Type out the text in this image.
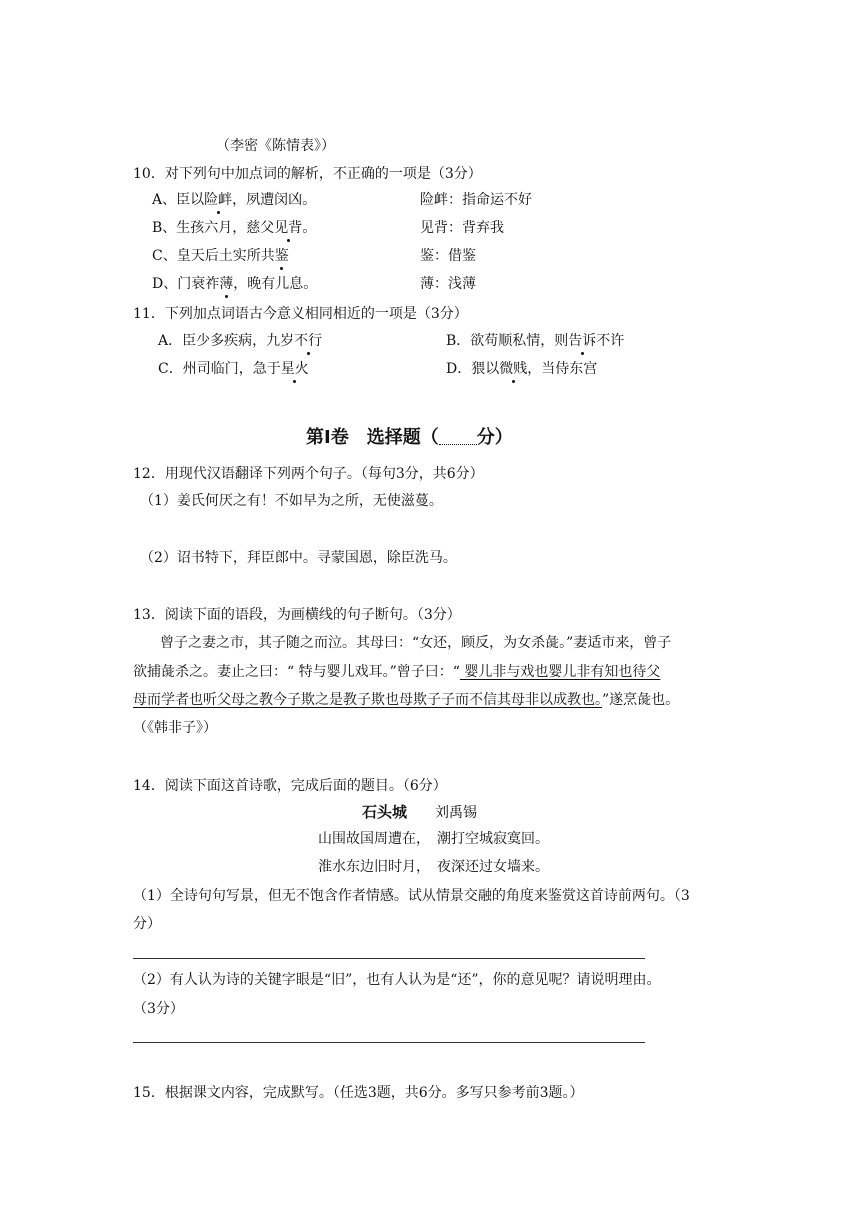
（李密《陈情表》）
10．对下列句中加点词的解析，不正确的一项是（3分）
A、臣以险衅，夙遭闵凶。	险衅：指命运不好
B、生孩六月，慈父见背。	见背：背弃我
C、皇天后土实所共鉴	鉴：借鉴
D、门衰祚薄，晚有儿息。	薄：浅薄
11．下列加点词语古今意义相同相近的一项是（3分）
A．臣少多疾病，九岁不行	B．欲苟顺私情，则告诉不许
C．州司临门，急于星火	D．猥以微贱，当侍东宫
第Ⅰ卷　选择题（ 分）
12．用现代汉语翻译下列两个句子。（每句3分，共6分）
（1）姜氏何厌之有！不如早为之所，无使滋蔓。
（2）诏书特下，拜臣郎中。寻蒙国恩，除臣洗马。
13．阅读下面的语段，为画横线的句子断句。（3分）
曾子之妻之市，其子随之而泣。其母曰：“女还，顾反，为女杀彘。”妻适市来，曾子
欲捕彘杀之。妻止之曰：“ 特与婴儿戏耳。”曾子曰：“ 婴儿非与戏也婴儿非有知也待父
母而学者也听父母之教今子欺之是教子欺也母欺子子而不信其母非以成教也。”遂烹彘也。
（《韩非子》）
14．阅读下面这首诗歌，完成后面的题目。（6分）
石头城 刘禹锡
山围故国周遭在，　潮打空城寂寞回。
淮水东边旧时月，　夜深还过女墙来。
（1）全诗句句写景，但无不饱含作者情感。试从情景交融的角度来鉴赏这首诗前两句。（3
分）
（2）有人认为诗的关键字眼是“旧”，也有人认为是“还”，你的意见呢？请说明理由。
（3分）
15．根据课文内容，完成默写。（任选3题，共6分。多写只参考前3题。）
